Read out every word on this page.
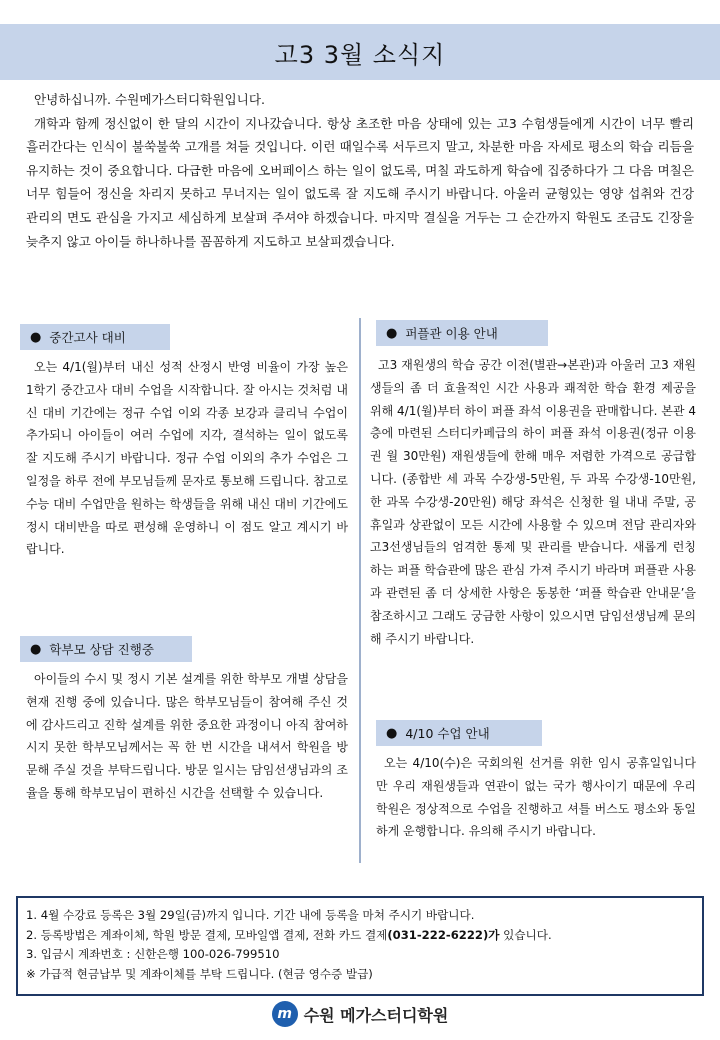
고3 3월 소식지

안녕하십니까. 수원메가스터디학원입니다.

개학과 함께 정신없이 한 달의 시간이 지나갔습니다. 항상 초조한 마음 상태에 있는 고3 수험생들에게 시간이 너무 빨리 흘러간다는 인식이 불쑥불쑥 고개를 쳐들 것입니다. 이런 때일수록 서두르지 말고, 차분한 마음 자세로 평소의 학습 리듬을 유지하는 것이 중요합니다. 다급한 마음에 오버페이스 하는 일이 없도록, 며칠 과도하게 학습에 집중하다가 그 다음 며칠은 너무 힘들어 정신을 차리지 못하고 무너지는 일이 없도록 잘 지도해 주시기 바랍니다. 아울러 균형있는 영양 섭취와 건강 관리의 면도 관심을 가지고 세심하게 보살펴 주셔야 하겠습니다. 마지막 결실을 거두는 그 순간까지 학원도 조금도 긴장을 늦추지 않고 아이들 하나하나를 꼼꼼하게 지도하고 보살피겠습니다.

● 중간고사 대비

오는 4/1(월)부터 내신 성적 산정시 반영 비율이 가장 높은 1학기 중간고사 대비 수업을 시작합니다. 잘 아시는 것처럼 내신 대비 기간에는 정규 수업 이외 각종 보강과 클리닉 수업이 추가되니 아이들이 여러 수업에 지각, 결석하는 일이 없도록 잘 지도해 주시기 바랍니다. 정규 수업 이외의 추가 수업은 그 일정을 하루 전에 부모님들께 문자로 통보해 드립니다. 참고로 수능 대비 수업만을 원하는 학생들을 위해 내신 대비 기간에도 정시 대비반을 따로 편성해 운영하니 이 점도 알고 계시기 바랍니다.

● 학부모 상담 진행중

아이들의 수시 및 정시 기본 설계를 위한 학부모 개별 상담을 현재 진행 중에 있습니다. 많은 학부모님들이 참여해 주신 것에 감사드리고 진학 설계를 위한 중요한 과정이니 아직 참여하시지 못한 학부모님께서는 꼭 한 번 시간을 내셔서 학원을 방문해 주실 것을 부탁드립니다. 방문 일시는 담임선생님과의 조율을 통해 학부모님이 편하신 시간을 선택할 수 있습니다.

● 퍼플관 이용 안내

고3 재원생의 학습 공간 이전(별관→본관)과 아울러 고3 재원생들의 좀 더 효율적인 시간 사용과 쾌적한 학습 환경 제공을 위해 4/1(월)부터 하이 퍼플 좌석 이용권을 판매합니다. 본관 4층에 마련된 스터디카페급의 하이 퍼플 좌석 이용권(정규 이용권 월 30만원) 재원생들에 한해 매우 저렴한 가격으로 공급합니다. (종합반 세 과목 수강생-5만원, 두 과목 수강생-10만원, 한 과목 수강생-20만원) 해당 좌석은 신청한 월 내내 주말, 공휴일과 상관없이 모든 시간에 사용할 수 있으며 전담 관리자와 고3선생님들의 엄격한 통제 및 관리를 받습니다. 새롭게 런칭하는 퍼플 학습관에 많은 관심 가져 주시기 바라며 퍼플관 사용과 관련된 좀 더 상세한 사항은 동봉한 ‘퍼플 학습관 안내문’을 참조하시고 그래도 궁금한 사항이 있으시면 담임선생님께 문의해 주시기 바랍니다.

● 4/10 수업 안내

오는 4/10(수)은 국회의원 선거를 위한 임시 공휴일입니다만 우리 재원생들과 연관이 없는 국가 행사이기 때문에 우리 학원은 정상적으로 수업을 진행하고 셔틀 버스도 평소와 동일하게 운행합니다. 유의해 주시기 바랍니다.

1. 4월 수강료 등록은 3월 29일(금)까지 입니다. 기간 내에 등록을 마쳐 주시기 바랍니다.
2. 등록방법은 계좌이체, 학원 방문 결제, 모바일앱 결제, 전화 카드 결제(031-222-6222)가 있습니다.
3. 입금시 계좌번호 : 신한은행 100-026-799510
※ 가급적 현금납부 및 계좌이체를 부탁 드립니다. (현금 영수증 발급)
m 수원 메가스터디학원
